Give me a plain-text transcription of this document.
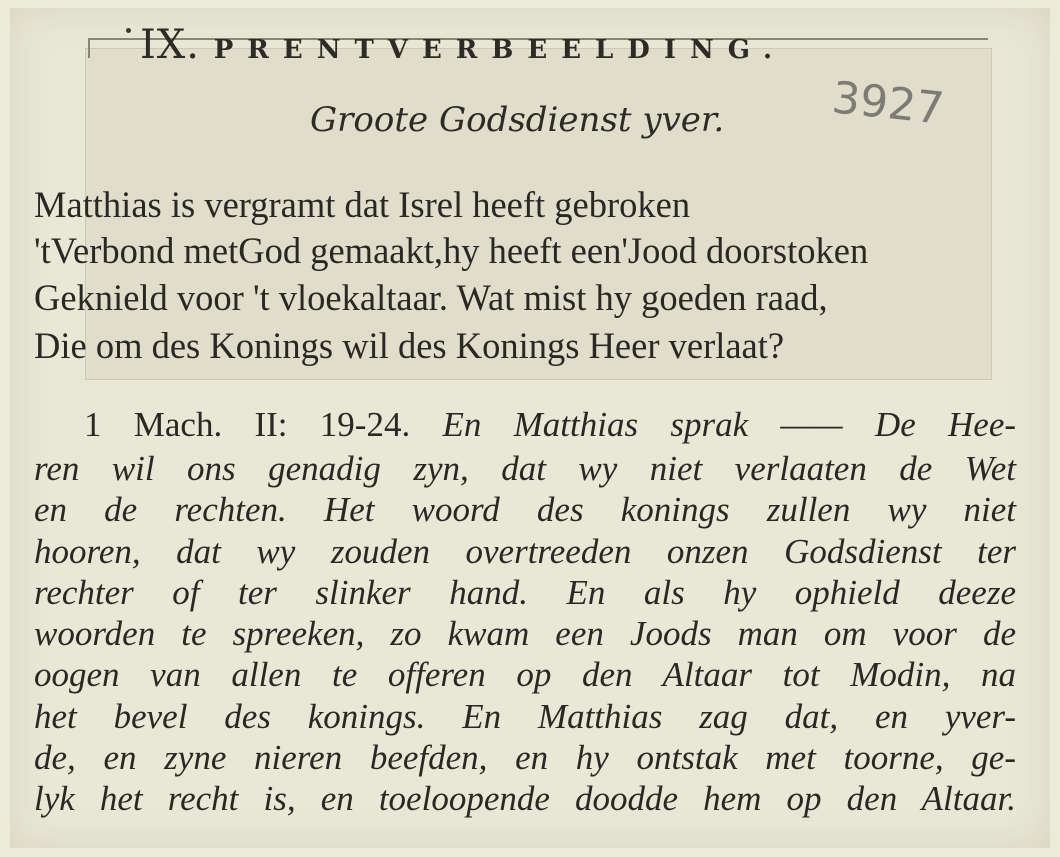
IX. PRENTVERBEELDING.
Groote Godsdienst yver. 3927
Matthias is vergramt dat Isrel heeft gebroken
'tVerbond metGod gemaakt,hy heeft een'Jood doorstoken
Geknield voor 't vloekaltaar. Wat mist hy goeden raad,
Die om des Konings wil des Konings Heer verlaat?
1 Mach. II: 19-24. En Matthias sprak —— De Hee-
ren wil ons genadig zyn, dat wy niet verlaaten de Wet
en de rechten. Het woord des konings zullen wy niet
hooren, dat wy zouden overtreeden onzen Godsdienst ter
rechter of ter slinker hand. En als hy ophield deeze
woorden te spreeken, zo kwam een Joods man om voor de
oogen van allen te offeren op den Altaar tot Modin, na
het bevel des konings. En Matthias zag dat, en yver-
de, en zyne nieren beefden, en hy ontstak met toorne, ge-
lyk het recht is, en toeloopende doodde hem op den Altaar.
